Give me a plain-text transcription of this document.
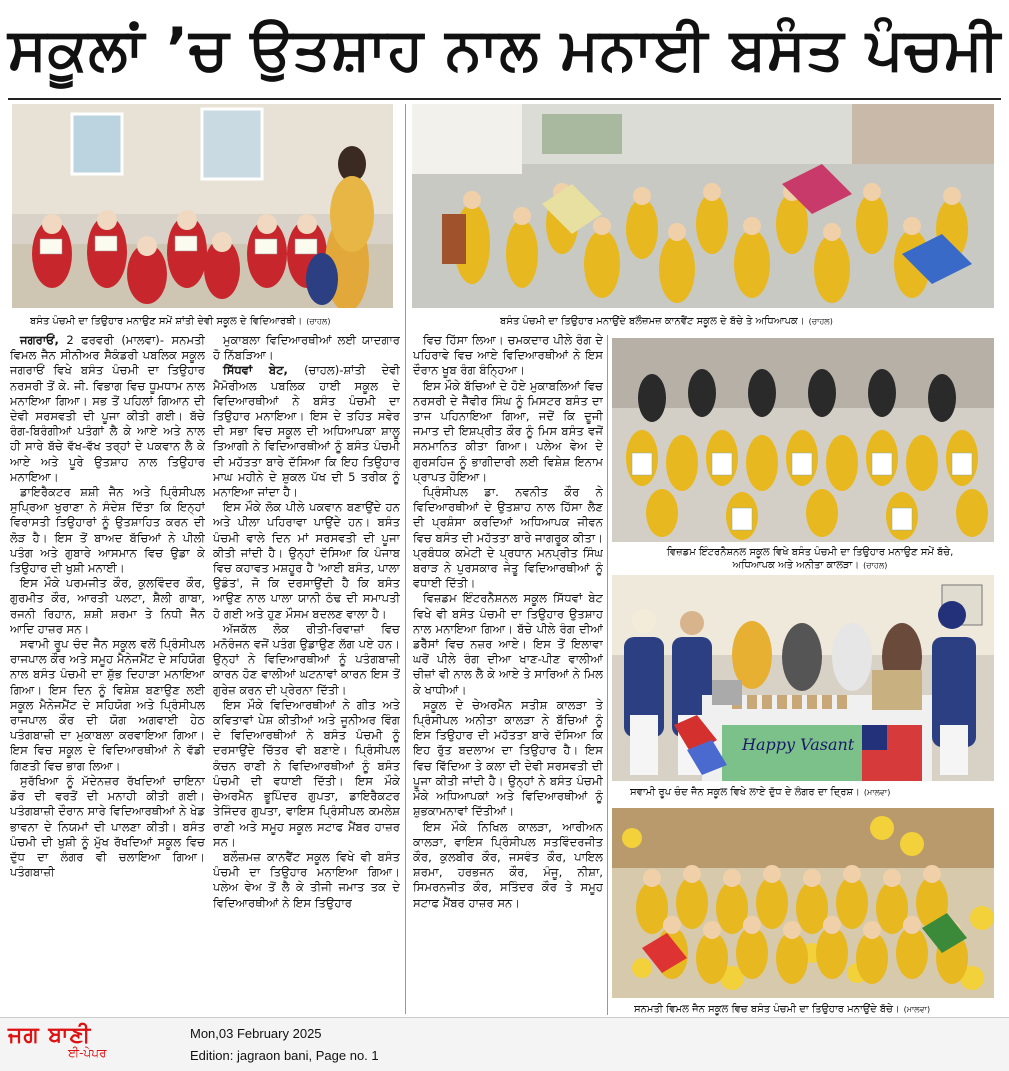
ਸਕੂਲਾਂ ’ਚ ਉਤਸ਼ਾਹ ਨਾਲ ਮਨਾਈ ਬਸੰਤ ਪੰਚਮੀ
ਬਸੰਤ ਪੰਚਮੀ ਦਾ ਤਿਉਹਾਰ ਮਨਾਉਣ ਸਮੇਂ ਸ਼ਾਂਤੀ ਦੇਵੀ ਸਕੂਲ ਦੇ ਵਿਦਿਆਰਥੀ। (ਚਾਹਲ)	ਬਸੰਤ ਪੰਚਮੀ ਦਾ ਤਿਉਹਾਰ ਮਨਾਉਂਦੇ ਬਲੌਜ਼ਮਜ਼ ਕਾਨਵੈਂਟ ਸਕੂਲ ਦੇ ਬੱਚੇ ਤੇ ਅਧਿਆਪਕ। (ਚਾਹਲ)

ਜਗਰਾਓਂ, 2 ਫਰਵਰੀ (ਮਾਲਵਾ)- ਸਨਮਤੀ ਵਿਮਲ ਜੈਨ ਸੀਨੀਅਰ ਸੈਕੰਡਰੀ ਪਬਲਿਕ ਸਕੂਲ ਜਗਰਾਓਂ ਵਿਖੇ ਬਸੰਤ ਪੰਚਮੀ ਦਾ ਤਿਉਹਾਰ ਨਰਸਰੀ ਤੋਂ ਕੇ. ਜੀ. ਵਿਭਾਗ ਵਿਚ ਧੂਮਧਾਮ ਨਾਲ ਮਨਾਇਆ ਗਿਆ। ਸਭ ਤੋਂ ਪਹਿਲਾਂ ਗਿਆਨ ਦੀ ਦੇਵੀ ਸਰਸਵਤੀ ਦੀ ਪੂਜਾ ਕੀਤੀ ਗਈ। ਬੱਚੇ ਰੰਗ-ਬਿਰੰਗੀਆਂ ਪਤੰਗਾਂ ਲੈ ਕੇ ਆਏ ਅਤੇ ਨਾਲ ਹੀ ਸਾਰੇ ਬੱਚੇ ਵੱਖ-ਵੱਖ ਤਰ੍ਹਾਂ ਦੇ ਪਕਵਾਨ ਲੈ ਕੇ ਆਏ ਅਤੇ ਪੂਰੇ ਉਤਸ਼ਾਹ ਨਾਲ ਤਿਉਹਾਰ ਮਨਾਇਆ।

ਡਾਇਰੈਕਟਰ ਸ਼ਸ਼ੀ ਜੈਨ ਅਤੇ ਪ੍ਰਿੰਸੀਪਲ ਸੁਪ੍ਰਿਆ ਖੁਰਾਣਾ ਨੇ ਸੰਦੇਸ਼ ਦਿੱਤਾ ਕਿ ਇਨ੍ਹਾਂ ਵਿਰਾਸਤੀ ਤਿਉਹਾਰਾਂ ਨੂੰ ਉਤਸ਼ਾਹਿਤ ਕਰਨ ਦੀ ਲੋੜ ਹੈ। ਇਸ ਤੋਂ ਬਾਅਦ ਬੱਚਿਆਂ ਨੇ ਪੀਲੀ ਪਤੰਗ ਅਤੇ ਗੁਬਾਰੇ ਆਸਮਾਨ ਵਿਚ ਉਡਾ ਕੇ ਤਿਉਹਾਰ ਦੀ ਖੁਸ਼ੀ ਮਨਾਈ।

ਇਸ ਮੌਕੇ ਪਰਮਜੀਤ ਕੌਰ, ਕੁਲਵਿੰਦਰ ਕੌਰ, ਗੁਰਮੀਤ ਕੌਰ, ਆਰਤੀ ਪਲਟਾ, ਸ਼ੈਲੀ ਗਾਬਾ, ਰਜਨੀ ਰਿਹਾਨ, ਸ਼ਸ਼ੀ ਸ਼ਰਮਾ ਤੇ ਨਿਧੀ ਜੈਨ ਆਦਿ ਹਾਜ਼ਰ ਸਨ।

ਸਵਾਮੀ ਰੂਪ ਚੰਦ ਜੈਨ ਸਕੂਲ ਵਲੋਂ ਪ੍ਰਿੰਸੀਪਲ ਰਾਜਪਾਲ ਕੌਰ ਅਤੇ ਸਮੂਹ ਮੈਨੇਜਮੈਂਟ ਦੇ ਸਹਿਯੋਗ ਨਾਲ ਬਸੰਤ ਪੰਚਮੀ ਦਾ ਸ਼ੁੱਭ ਦਿਹਾੜਾ ਮਨਾਇਆ ਗਿਆ। ਇਸ ਦਿਨ ਨੂੰ ਵਿਸ਼ੇਸ਼ ਬਣਾਉਣ ਲਈ ਸਕੂਲ ਮੈਨੇਜਮੈਂਟ ਦੇ ਸਹਿਯੋਗ ਅਤੇ ਪ੍ਰਿੰਸੀਪਲ ਰਾਜਪਾਲ ਕੌਰ ਦੀ ਯੋਗ ਅਗਵਾਈ ਹੇਠ ਪਤੰਗਬਾਜ਼ੀ ਦਾ ਮੁਕਾਬਲਾ ਕਰਵਾਇਆ ਗਿਆ। ਇਸ ਵਿਚ ਸਕੂਲ ਦੇ ਵਿਦਿਆਰਥੀਆਂ ਨੇ ਵੱਡੀ ਗਿਣਤੀ ਵਿਚ ਭਾਗ ਲਿਆ।

ਸੁਰੱਖਿਆ ਨੂੰ ਮੱਦੇਨਜ਼ਰ ਰੱਖਦਿਆਂ ਚਾਇਨਾ ਡੋਰ ਦੀ ਵਰਤੋਂ ਦੀ ਮਨਾਹੀ ਕੀਤੀ ਗਈ। ਪਤੰਗਬਾਜ਼ੀ ਦੌਰਾਨ ਸਾਰੇ ਵਿਦਿਆਰਥੀਆਂ ਨੇ ਖੇਡ ਭਾਵਨਾ ਦੇ ਨਿਯਮਾਂ ਦੀ ਪਾਲਣਾ ਕੀਤੀ। ਬਸੰਤ ਪੰਚਮੀ ਦੀ ਖੁਸ਼ੀ ਨੂੰ ਮੁੱਖ ਰੱਖਦਿਆਂ ਸਕੂਲ ਵਿਚ ਦੁੱਧ ਦਾ ਲੰਗਰ ਵੀ ਚਲਾਇਆ ਗਿਆ। ਪਤੰਗਬਾਜ਼ੀ

ਮੁਕਾਬਲਾ ਵਿਦਿਆਰਥੀਆਂ ਲਈ ਯਾਦਗਾਰ ਹੋ ਨਿੱਬੜਿਆ।

ਸਿੱਧਵਾਂ ਬੇਟ, (ਚਾਹਲ)-ਸ਼ਾਂਤੀ ਦੇਵੀ ਮੈਮੋਰੀਅਲ ਪਬਲਿਕ ਹਾਈ ਸਕੂਲ ਦੇ ਵਿਦਿਆਰਥੀਆਂ ਨੇ ਬਸੰਤ ਪੰਚਮੀ ਦਾ ਤਿਉਹਾਰ ਮਨਾਇਆ। ਇਸ ਦੇ ਤਹਿਤ ਸਵੇਰ ਦੀ ਸਭਾ ਵਿਚ ਸਕੂਲ ਦੀ ਅਧਿਆਪਕਾ ਸ਼ਾਲੂ ਤਿਆਗੀ ਨੇ ਵਿਦਿਆਰਥੀਆਂ ਨੂੰ ਬਸੰਤ ਪੰਚਮੀ ਦੀ ਮਹੱਤਤਾ ਬਾਰੇ ਦੱਸਿਆ ਕਿ ਇਹ ਤਿਉਹਾਰ ਮਾਘ ਮਹੀਨੇ ਦੇ ਸ਼ੁਕਲ ਪੱਖ ਦੀ 5 ਤਰੀਕ ਨੂੰ ਮਨਾਇਆ ਜਾਂਦਾ ਹੈ।

ਇਸ ਮੌਕੇ ਲੋਕ ਪੀਲੇ ਪਕਵਾਨ ਬਣਾਉਂਦੇ ਹਨ ਅਤੇ ਪੀਲਾ ਪਹਿਰਾਵਾ ਪਾਉਂਦੇ ਹਨ। ਬਸੰਤ ਪੰਚਮੀ ਵਾਲੇ ਦਿਨ ਮਾਂ ਸਰਸਵਤੀ ਦੀ ਪੂਜਾ ਕੀਤੀ ਜਾਂਦੀ ਹੈ। ਉਨ੍ਹਾਂ ਦੱਸਿਆ ਕਿ ਪੰਜਾਬ ਵਿਚ ਕਹਾਵਤ ਮਸ਼ਹੂਰ ਹੈ 'ਆਈ ਬਸੰਤ, ਪਾਲਾ ਉਡੰਤ', ਜੋ ਕਿ ਦਰਸਾਉਂਦੀ ਹੈ ਕਿ ਬਸੰਤ ਆਉਣ ਨਾਲ ਪਾਲਾ ਯਾਨੀ ਠੰਢ ਦੀ ਸਮਾਪਤੀ ਹੋ ਗਈ ਅਤੇ ਹੁਣ ਮੌਸਮ ਬਦਲਣ ਵਾਲਾ ਹੈ।

ਅੱਜਕੱਲ ਲੋਕ ਰੀਤੀ-ਰਿਵਾਜ਼ਾਂ ਵਿਚ ਮਨੋਰੰਜਨ ਵਜੋਂ ਪਤੰਗ ਉਡਾਉਣ ਲੱਗ ਪਏ ਹਨ। ਉਨ੍ਹਾਂ ਨੇ ਵਿਦਿਆਰਥੀਆਂ ਨੂੰ ਪਤੰਗਬਾਜ਼ੀ ਕਾਰਨ ਹੋਣ ਵਾਲੀਆਂ ਘਟਨਾਵਾਂ ਕਾਰਨ ਇਸ ਤੋਂ ਗੁਰੇਜ਼ ਕਰਨ ਦੀ ਪ੍ਰੇਰਨਾ ਦਿੱਤੀ।

ਇਸ ਮੌਕੇ ਵਿਦਿਆਰਥੀਆਂ ਨੇ ਗੀਤ ਅਤੇ ਕਵਿਤਾਵਾਂ ਪੇਸ਼ ਕੀਤੀਆਂ ਅਤੇ ਜੂਨੀਅਰ ਵਿੰਗ ਦੇ ਵਿਦਿਆਰਥੀਆਂ ਨੇ ਬਸੰਤ ਪੰਚਮੀ ਨੂੰ ਦਰਸਾਉਂਦੇ ਚਿੱਤਰ ਵੀ ਬਣਾਏ। ਪ੍ਰਿੰਸੀਪਲ ਕੰਚਨ ਰਾਣੀ ਨੇ ਵਿਦਿਆਰਥੀਆਂ ਨੂੰ ਬਸੰਤ ਪੰਚਮੀ ਦੀ ਵਧਾਈ ਦਿੱਤੀ। ਇਸ ਮੌਕੇ ਚੇਅਰਮੈਨ ਭੂਪਿੰਦਰ ਗੁਪਤਾ, ਡਾਇਰੈਕਟਰ ਤੇਜਿੰਦਰ ਗੁਪਤਾ, ਵਾਇਸ ਪ੍ਰਿੰਸੀਪਲ ਕਮਲੇਸ਼ ਰਾਣੀ ਅਤੇ ਸਮੂਹ ਸਕੂਲ ਸਟਾਫ ਮੈਂਬਰ ਹਾਜ਼ਰ ਸਨ।

ਬਲੌਜ਼ਮਜ਼ ਕਾਨਵੈਂਟ ਸਕੂਲ ਵਿਖੇ ਵੀ ਬਸੰਤ ਪੰਚਮੀ ਦਾ ਤਿਉਹਾਰ ਮਨਾਇਆ ਗਿਆ। ਪਲੇਅ ਵੇਅ ਤੋਂ ਲੈ ਕੇ ਤੀਜੀ ਜਮਾਤ ਤਕ ਦੇ ਵਿਦਿਆਰਥੀਆਂ ਨੇ ਇਸ ਤਿਉਹਾਰ

ਵਿਚ ਹਿੱਸਾ ਲਿਆ। ਚਮਕਦਾਰ ਪੀਲੇ ਰੰਗ ਦੇ ਪਹਿਰਾਵੇ ਵਿਚ ਆਏ ਵਿਦਿਆਰਥੀਆਂ ਨੇ ਇਸ ਦੌਰਾਨ ਖੂਬ ਰੰਗ ਬੰਨ੍ਹਿਆ।

ਇਸ ਮੌਕੇ ਬੱਚਿਆਂ ਦੇ ਹੋਏ ਮੁਕਾਬਲਿਆਂ ਵਿਚ ਨਰਸਰੀ ਦੇ ਜੈਵੀਰ ਸਿੰਘ ਨੂੰ ਮਿਸਟਰ ਬਸੰਤ ਦਾ ਤਾਜ ਪਹਿਨਾਇਆ ਗਿਆ, ਜਦੋਂ ਕਿ ਦੂਜੀ ਜਮਾਤ ਦੀ ਇਸ਼ਪ੍ਰੀਤ ਕੌਰ ਨੂੰ ਮਿਸ ਬਸੰਤ ਵਜੋਂ ਸਨਮਾਨਿਤ ਕੀਤਾ ਗਿਆ। ਪਲੇਅ ਵੇਅ ਦੇ ਗੁਰਸਹਿਜ ਨੂੰ ਭਾਗੀਦਾਰੀ ਲਈ ਵਿਸ਼ੇਸ਼ ਇਨਾਮ ਪ੍ਰਾਪਤ ਹੋਇਆ।

ਪ੍ਰਿੰਸੀਪਲ ਡਾ. ਨਵਨੀਤ ਕੌਰ ਨੇ ਵਿਦਿਆਰਥੀਆਂ ਦੇ ਉਤਸ਼ਾਹ ਨਾਲ ਹਿੱਸਾ ਲੈਣ ਦੀ ਪ੍ਰਸ਼ੰਸਾ ਕਰਦਿਆਂ ਅਧਿਆਪਕ ਜੀਵਨ ਵਿਚ ਬਸੰਤ ਦੀ ਮਹੱਤਤਾ ਬਾਰੇ ਜਾਗਰੂਕ ਕੀਤਾ। ਪ੍ਰਬੰਧਕ ਕਮੇਟੀ ਦੇ ਪ੍ਰਧਾਨ ਮਨਪ੍ਰੀਤ ਸਿੰਘ ਬਰਾੜ ਨੇ ਪੁਰਸਕਾਰ ਜੇਤੂ ਵਿਦਿਆਰਥੀਆਂ ਨੂੰ ਵਧਾਈ ਦਿੱਤੀ।

ਵਿਜ਼ਡਮ ਇੰਟਰਨੈਸ਼ਨਲ ਸਕੂਲ ਸਿੱਧਵਾਂ ਬੇਟ ਵਿਖੇ ਵੀ ਬਸੰਤ ਪੰਚਮੀ ਦਾ ਤਿਉਹਾਰ ਉਤਸ਼ਾਹ ਨਾਲ ਮਨਾਇਆ ਗਿਆ। ਬੱਚੇ ਪੀਲੇ ਰੰਗ ਦੀਆਂ ਡਰੈੱਸਾਂ ਵਿਚ ਨਜ਼ਰ ਆਏ। ਇਸ ਤੋਂ ਇਲਾਵਾ ਘਰੋਂ ਪੀਲੇ ਰੰਗ ਦੀਆ ਖਾਣ-ਪੀਣ ਵਾਲੀਆਂ ਚੀਜ਼ਾਂ ਵੀ ਨਾਲ ਲੈ ਕੇ ਆਏ ਤੇ ਸਾਰਿਆਂ ਨੇ ਮਿਲ ਕੇ ਖਾਧੀਆਂ।

ਸਕੂਲ ਦੇ ਚੇਅਰਮੈਨ ਸਤੀਸ਼ ਕਾਲੜਾ ਤੇ ਪ੍ਰਿੰਸੀਪਲ ਅਨੀਤਾ ਕਾਲੜਾ ਨੇ ਬੱਚਿਆਂ ਨੂੰ ਇਸ ਤਿਉਹਾਰ ਦੀ ਮਹੱਤਤਾ ਬਾਰੇ ਦੱਸਿਆ ਕਿ ਇਹ ਰੁੱਤ ਬਦਲਾਅ ਦਾ ਤਿਉਹਾਰ ਹੈ। ਇਸ ਵਿਚ ਵਿੱਦਿਆ ਤੇ ਕਲਾ ਦੀ ਦੇਵੀ ਸਰਸਵਤੀ ਦੀ ਪੂਜਾ ਕੀਤੀ ਜਾਂਦੀ ਹੈ। ਉਨ੍ਹਾਂ ਨੇ ਬਸੰਤ ਪੰਚਮੀ ਮੌਕੇ ਅਧਿਆਪਕਾਂ ਅਤੇ ਵਿਦਿਆਰਥੀਆਂ ਨੂੰ ਸ਼ੁਭਕਾਮਨਾਵਾਂ ਦਿੱਤੀਆਂ।

ਇਸ ਮੌਕੇ ਨਿਖਿਲ ਕਾਲੜਾ, ਆਰੀਅਨ ਕਾਲੜਾ, ਵਾਇਸ ਪ੍ਰਿੰਸੀਪਲ ਸਤਵਿੰਦਰਜੀਤ ਕੌਰ, ਕੁਲਬੀਰ ਕੌਰ, ਜਸਵੰਤ ਕੌਰ, ਪਾਇਲ ਸ਼ਰਮਾ, ਹਰਭਜਨ ਕੌਰ, ਮੰਜੂ, ਨੀਸ਼ਾ, ਸਿਮਰਨਜੀਤ ਕੌਰ, ਸਤਿੰਦਰ ਕੌਰ ਤੇ ਸਮੂਹ ਸਟਾਫ ਮੈਂਬਰ ਹਾਜ਼ਰ ਸਨ।

ਵਿਜ਼ਡਮ ਇੰਟਰਨੈਸ਼ਨਲ ਸਕੂਲ ਵਿਖੇ ਬਸੰਤ ਪੰਚਮੀ ਦਾ ਤਿਉਹਾਰ ਮਨਾਉਣ ਸਮੇਂ ਬੱਚੇ,
ਅਧਿਆਪਕ ਅਤੇ ਅਨੀਤਾ ਕਾਲੜਾ। (ਚਾਹਲ)
Happy Vasant
ਸਵਾਮੀ ਰੂਪ ਚੰਦ ਜੈਨ ਸਕੂਲ ਵਿਖੇ ਲਾਏ ਦੁੱਧ ਦੇ ਲੰਗਰ ਦਾ ਦ੍ਰਿਸ਼। (ਮਾਲਵਾ)
ਸਨਮਤੀ ਵਿਮਲ ਜੈਨ ਸਕੂਲ ਵਿਚ ਬਸੰਤ ਪੰਚਮੀ ਦਾ ਤਿਉਹਾਰ ਮਨਾਉਂਦੇ ਬੱਚੇ। (ਮਾਲਵਾ)
ਜਗ ਬਾਣੀ
ਈ-ਪੇਪਰ
Mon,03 February 2025
Edition: jagraon bani, Page no. 1
